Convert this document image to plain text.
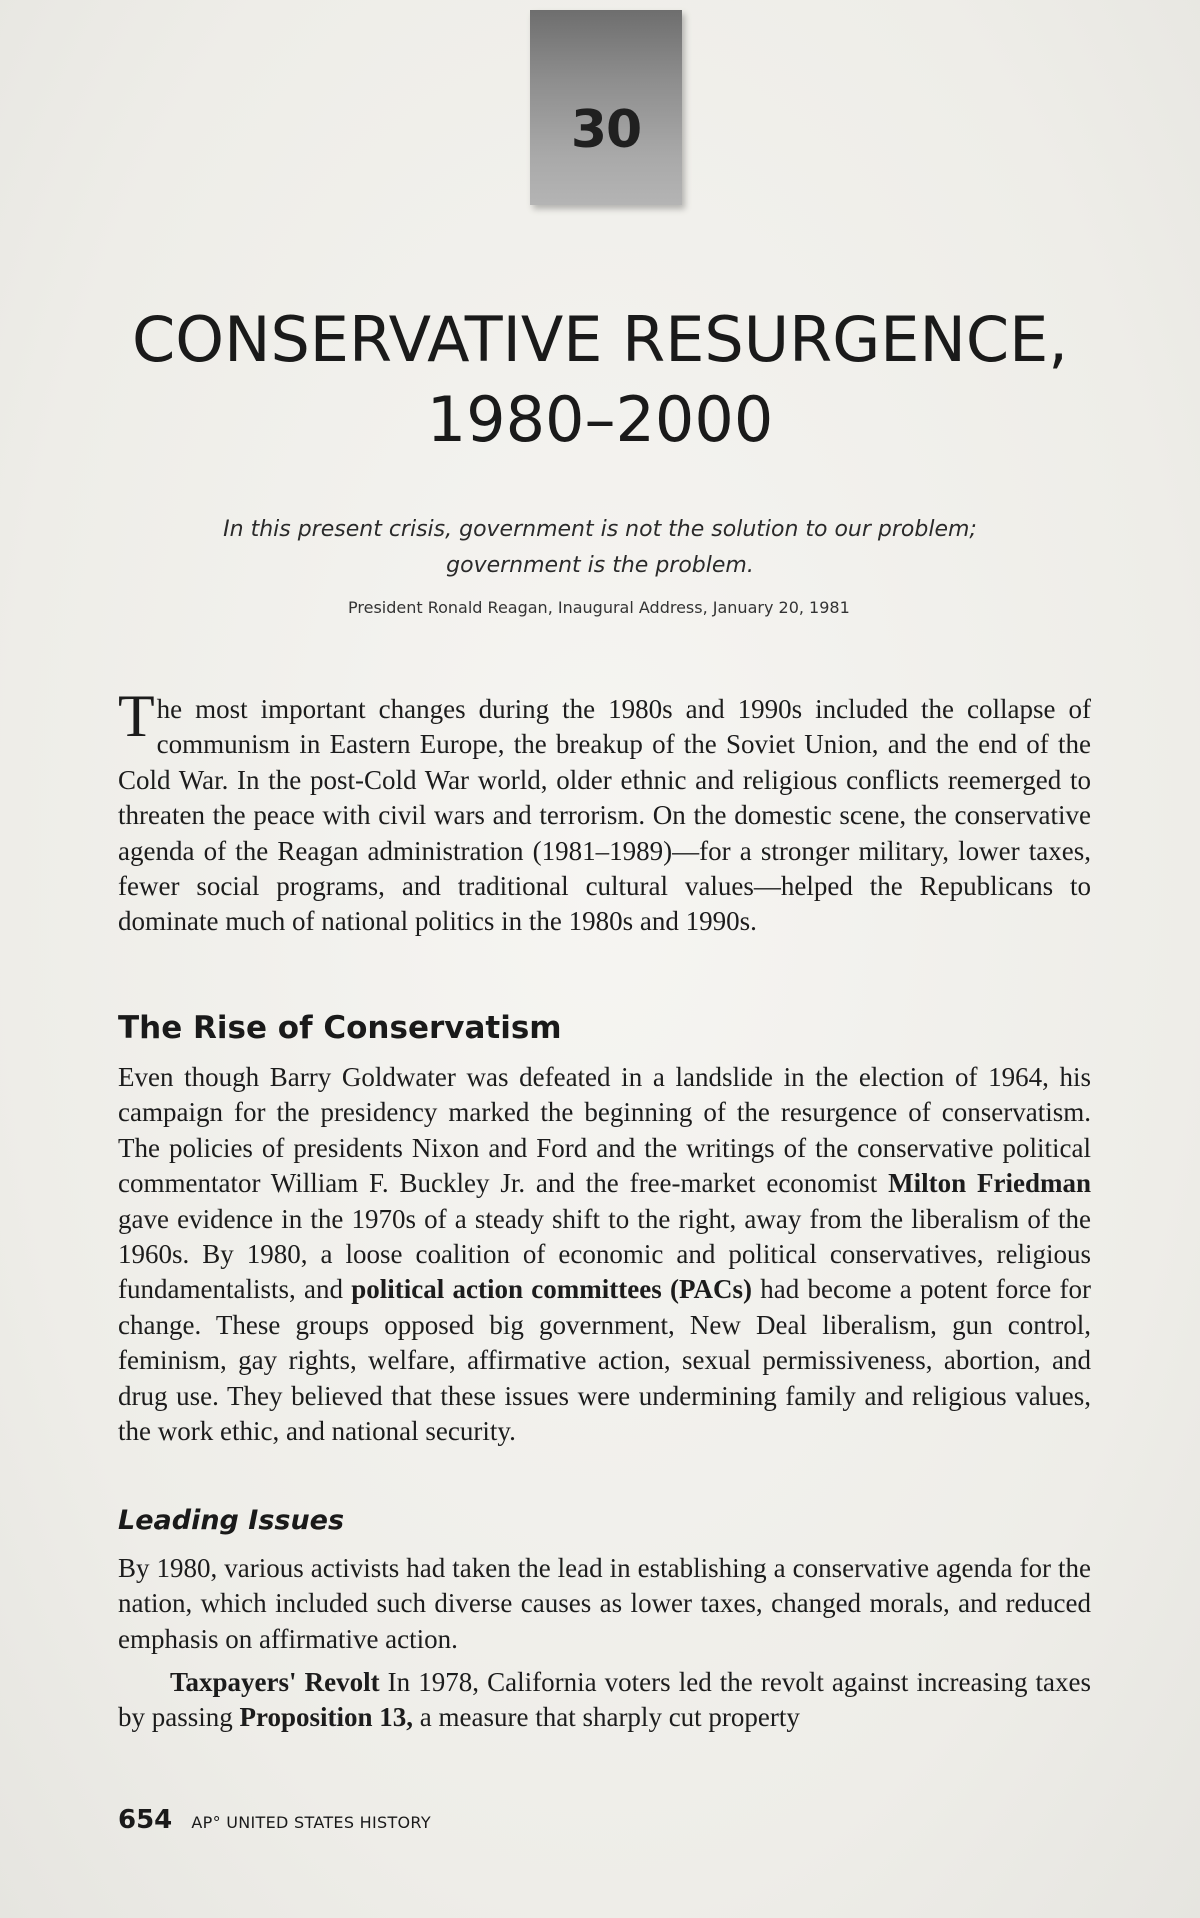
30
CONSERVATIVE RESURGENCE,
1980–2000
In this present crisis, government is not the solution to our problem;
government is the problem.
President Ronald Reagan, Inaugural Address, January 20, 1981

The most important changes during the 1980s and 1990s included the collapse of communism in Eastern Europe, the breakup of the Soviet Union, and the end of the Cold War. In the post-Cold War world, older ethnic and religious conflicts reemerged to threaten the peace with civil wars and terrorism. On the domestic scene, the conservative agenda of the Reagan administration (1981–1989)—for a stronger military, lower taxes, fewer social programs, and traditional cultural values—helped the Republicans to dominate much of national politics in the 1980s and 1990s.

The Rise of Conservatism

Even though Barry Goldwater was defeated in a landslide in the election of 1964, his campaign for the presidency marked the beginning of the resurgence of conservatism. The policies of presidents Nixon and Ford and the writings of the conservative political commentator William F. Buckley Jr. and the free-market economist Milton Friedman gave evidence in the 1970s of a steady shift to the right, away from the liberalism of the 1960s. By 1980, a loose coalition of economic and political conservatives, religious fundamentalists, and political action committees (PACs) had become a potent force for change. These groups opposed big government, New Deal liberalism, gun control, feminism, gay rights, welfare, affirmative action, sexual permissiveness, abortion, and drug use. They believed that these issues were undermining family and religious values, the work ethic, and national security.

Leading Issues

By 1980, various activists had taken the lead in establishing a conservative agenda for the nation, which included such diverse causes as lower taxes, changed morals, and reduced emphasis on affirmative action.

Taxpayers' Revolt In 1978, California voters led the revolt against increasing taxes by passing Proposition 13, a measure that sharply cut property

654 AP° UNITED STATES HISTORY
